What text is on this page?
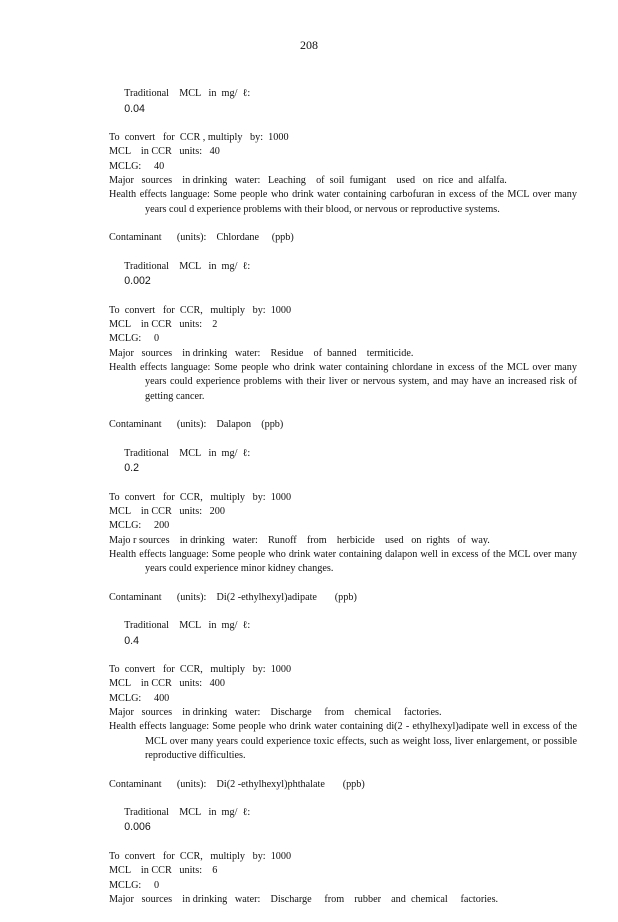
208

Traditional    MCL   in  mg/  ℓ:
0.04

To  convert   for  CCR , multiply   by:  1000
MCL    in CCR   units:   40
MCLG:     40
Major   sources    in drinking   water:   Leaching    of  soil  fumigant    used   on  rice  and  alfalfa.
Health effects language: Some people who drink water containing carbofuran in excess of the MCL over many years coul d experience problems with their blood, or nervous or reproductive systems.
Contaminant      (units):    Chlordane     (ppb)

Traditional    MCL   in  mg/  ℓ:
0.002

To  convert   for  CCR,   multiply   by:  1000
MCL    in CCR   units:    2
MCLG:     0
Major   sources    in drinking   water:    Residue    of  banned    termiticide.
Health effects language: Some people who drink water containing chlordane in excess of the MCL over many years could experience problems with their liver or nervous system, and may have an increased risk of getting cancer.
Contaminant      (units):    Dalapon    (ppb)

Traditional    MCL   in  mg/  ℓ:
0.2

To  convert   for  CCR,   multiply   by:  1000
MCL    in CCR   units:   200
MCLG:     200
Majo r sources    in drinking   water:    Runoff    from    herbicide    used   on  rights   of  way.
Health effects language: Some people who drink water containing dalapon well in excess of the MCL over many years could experience minor kidney changes.
Contaminant      (units):    Di(2 -ethylhexyl)adipate       (ppb)

Traditional    MCL   in  mg/  ℓ:
0.4

To  convert   for  CCR,   multiply   by:  1000
MCL    in CCR   units:   400
MCLG:     400
Major   sources    in drinking   water:    Discharge     from    chemical     factories.
Health effects language: Some people who drink water containing di(2 - ethylhexyl)adipate well in excess of the MCL over many years could experience toxic effects, such as weight loss, liver enlargement, or possible reproductive difficulties.
Contaminant      (units):    Di(2 -ethylhexyl)phthalate       (ppb)

Traditional    MCL   in  mg/  ℓ:
0.006

To  convert   for  CCR,   multiply   by:  1000
MCL    in CCR   units:    6
MCLG:     0
Major   sources    in drinking   water:    Discharge     from    rubber    and  chemical     factories.
